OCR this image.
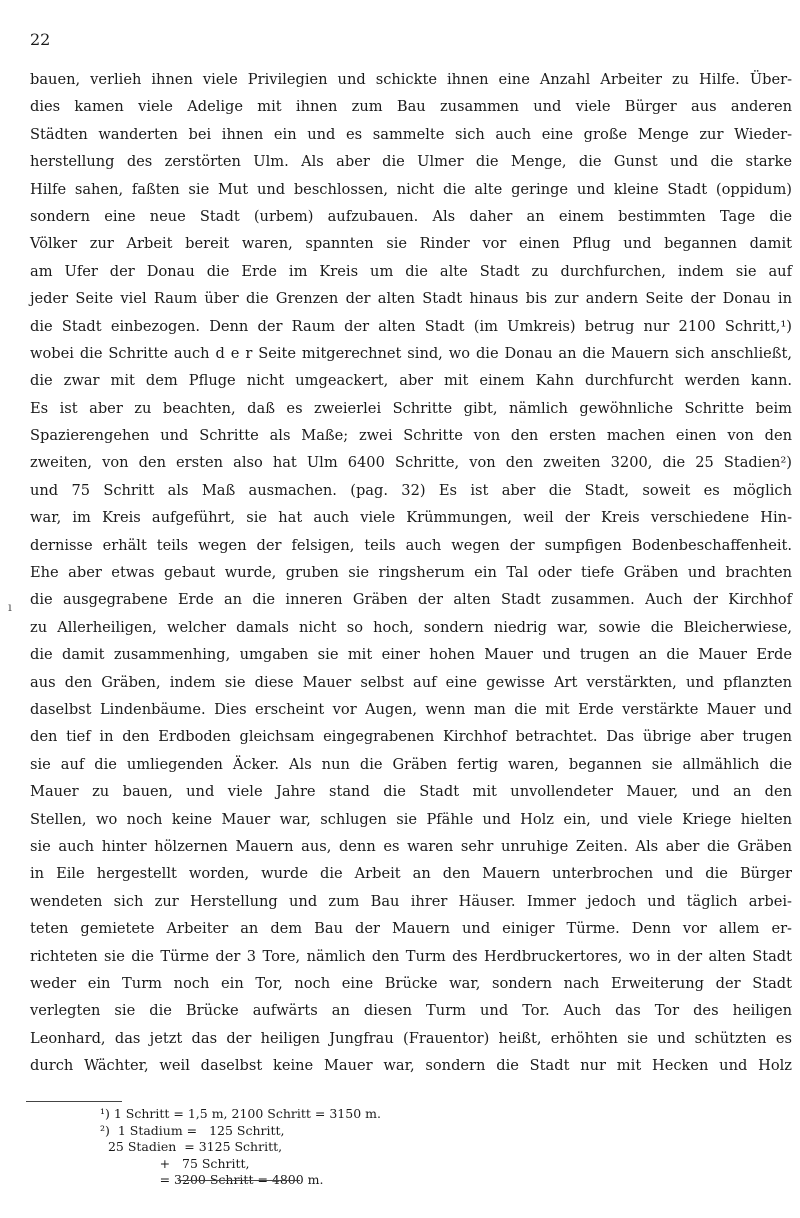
22
ı
bauen, verlieh ihnen viele Privilegien und schickte ihnen eine Anzahl Arbeiter zu Hilfe. Über-
dies kamen viele Adelige mit ihnen zum Bau zusammen und viele Bürger aus anderen
Städten wanderten bei ihnen ein und es sammelte sich auch eine große Menge zur Wieder-
herstellung des zerstörten Ulm. Als aber die Ulmer die Menge, die Gunst und die starke
Hilfe sahen, faßten sie Mut und beschlossen, nicht die alte geringe und kleine Stadt (oppidum)
sondern eine neue Stadt (urbem) aufzubauen. Als daher an einem bestimmten Tage die
Völker zur Arbeit bereit waren, spannten sie Rinder vor einen Pflug und begannen damit
am Ufer der Donau die Erde im Kreis um die alte Stadt zu durchfurchen, indem sie auf
jeder Seite viel Raum über die Grenzen der alten Stadt hinaus bis zur andern Seite der Donau in
die Stadt einbezogen. Denn der Raum der alten Stadt (im Umkreis) betrug nur 2100 Schritt,¹)
wobei die Schritte auch d e r Seite mitgerechnet sind, wo die Donau an die Mauern sich anschließt,
die zwar mit dem Pfluge nicht umgeackert, aber mit einem Kahn durchfurcht werden kann.
Es ist aber zu beachten, daß es zweierlei Schritte gibt, nämlich gewöhnliche Schritte beim
Spazierengehen und Schritte als Maße; zwei Schritte von den ersten machen einen von den
zweiten, von den ersten also hat Ulm 6400 Schritte, von den zweiten 3200, die 25 Stadien²)
und 75 Schritt als Maß ausmachen. (pag. 32) Es ist aber die Stadt, soweit es möglich
war, im Kreis aufgeführt, sie hat auch viele Krümmungen, weil der Kreis verschiedene Hin-
dernisse erhält teils wegen der felsigen, teils auch wegen der sumpfigen Bodenbeschaffenheit.
Ehe aber etwas gebaut wurde, gruben sie ringsherum ein Tal oder tiefe Gräben und brachten
die ausgegrabene Erde an die inneren Gräben der alten Stadt zusammen. Auch der Kirchhof
zu Allerheiligen, welcher damals nicht so hoch, sondern niedrig war, sowie die Bleicherwiese,
die damit zusammenhing, umgaben sie mit einer hohen Mauer und trugen an die Mauer Erde
aus den Gräben, indem sie diese Mauer selbst auf eine gewisse Art verstärkten, und pflanzten
daselbst Lindenbäume. Dies erscheint vor Augen, wenn man die mit Erde verstärkte Mauer und
den tief in den Erdboden gleichsam eingegrabenen Kirchhof betrachtet. Das übrige aber trugen
sie auf die umliegenden Äcker. Als nun die Gräben fertig waren, begannen sie allmählich die
Mauer zu bauen, und viele Jahre stand die Stadt mit unvollendeter Mauer, und an den
Stellen, wo noch keine Mauer war, schlugen sie Pfähle und Holz ein, und viele Kriege hielten
sie auch hinter hölzernen Mauern aus, denn es waren sehr unruhige Zeiten. Als aber die Gräben
in Eile hergestellt worden, wurde die Arbeit an den Mauern unterbrochen und die Bürger
wendeten sich zur Herstellung und zum Bau ihrer Häuser. Immer jedoch und täglich arbei-
teten gemietete Arbeiter an dem Bau der Mauern und einiger Türme. Denn vor allem er-
richteten sie die Türme der 3 Tore, nämlich den Turm des Herdbruckertores, wo in der alten Stadt
weder ein Turm noch ein Tor, noch eine Brücke war, sondern nach Erweiterung der Stadt
verlegten sie die Brücke aufwärts an diesen Turm und Tor. Auch das Tor des heiligen
Leonhard, das jetzt das der heiligen Jungfrau (Frauentor) heißt, erhöhten sie und schützten es
durch Wächter, weil daselbst keine Mauer war, sondern die Stadt nur mit Hecken und Holz
¹) 1 Schritt = 1,5 m, 2100 Schritt = 3150 m.
²)  1 Stadium =   125 Schritt,
25 Stadien  = 3125 Schritt,
+   75 Schritt,
= 3200 Schritt = 4800 m.
